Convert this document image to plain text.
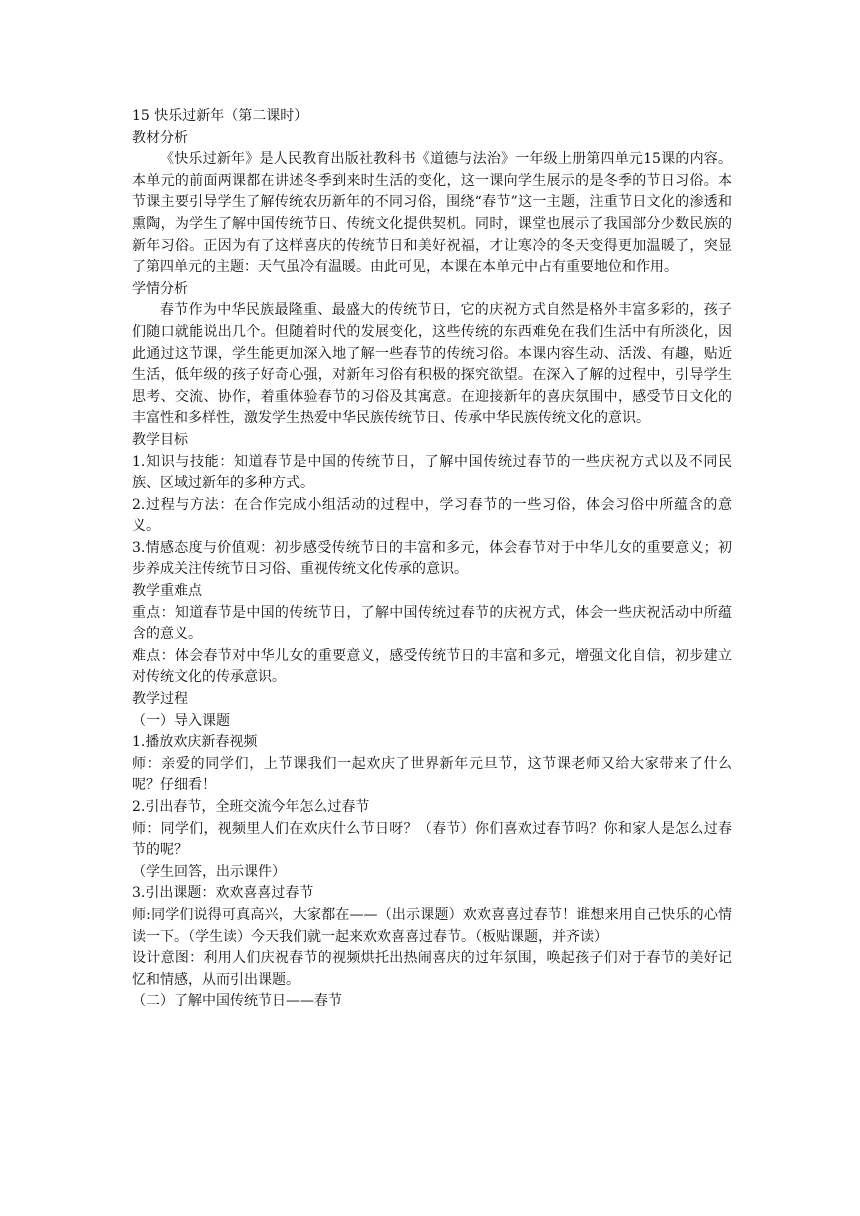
15 快乐过新年（第二课时）
教材分析
《快乐过新年》是人民教育出版社教科书《道德与法治》一年级上册第四单元15课的内容。本单元的前面两课都在讲述冬季到来时生活的变化，这一课向学生展示的是冬季的节日习俗。本节课主要引导学生了解传统农历新年的不同习俗，围绕“春节”这一主题，注重节日文化的渗透和熏陶，为学生了解中国传统节日、传统文化提供契机。同时，课堂也展示了我国部分少数民族的新年习俗。正因为有了这样喜庆的传统节日和美好祝福，才让寒冷的冬天变得更加温暖了，突显了第四单元的主题：天气虽冷有温暖。由此可见，本课在本单元中占有重要地位和作用。
学情分析
春节作为中华民族最隆重、最盛大的传统节日，它的庆祝方式自然是格外丰富多彩的，孩子们随口就能说出几个。但随着时代的发展变化，这些传统的东西难免在我们生活中有所淡化，因此通过这节课，学生能更加深入地了解一些春节的传统习俗。本课内容生动、活泼、有趣，贴近生活，低年级的孩子好奇心强，对新年习俗有积极的探究欲望。在深入了解的过程中，引导学生思考、交流、协作，着重体验春节的习俗及其寓意。在迎接新年的喜庆氛围中，感受节日文化的丰富性和多样性，激发学生热爱中华民族传统节日、传承中华民族传统文化的意识。
教学目标
1.知识与技能：知道春节是中国的传统节日，了解中国传统过春节的一些庆祝方式以及不同民族、区域过新年的多种方式。
2.过程与方法：在合作完成小组活动的过程中，学习春节的一些习俗，体会习俗中所蕴含的意义。
3.情感态度与价值观：初步感受传统节日的丰富和多元，体会春节对于中华儿女的重要意义；初步养成关注传统节日习俗、重视传统文化传承的意识。
教学重难点
重点：知道春节是中国的传统节日，了解中国传统过春节的庆祝方式，体会一些庆祝活动中所蕴含的意义。
难点：体会春节对中华儿女的重要意义，感受传统节日的丰富和多元，增强文化自信，初步建立对传统文化的传承意识。
教学过程
（一）导入课题
1.播放欢庆新春视频
师：亲爱的同学们，上节课我们一起欢庆了世界新年元旦节，这节课老师又给大家带来了什么呢？仔细看！
2.引出春节，全班交流今年怎么过春节
师：同学们，视频里人们在欢庆什么节日呀？（春节）你们喜欢过春节吗？你和家人是怎么过春节的呢？
（学生回答，出示课件）
3.引出课题：欢欢喜喜过春节
师:同学们说得可真高兴，大家都在——（出示课题）欢欢喜喜过春节！谁想来用自己快乐的心情读一下。（学生读）今天我们就一起来欢欢喜喜过春节。（板贴课题，并齐读）
设计意图：利用人们庆祝春节的视频烘托出热闹喜庆的过年氛围，唤起孩子们对于春节的美好记忆和情感，从而引出课题。
（二）了解中国传统节日——春节
